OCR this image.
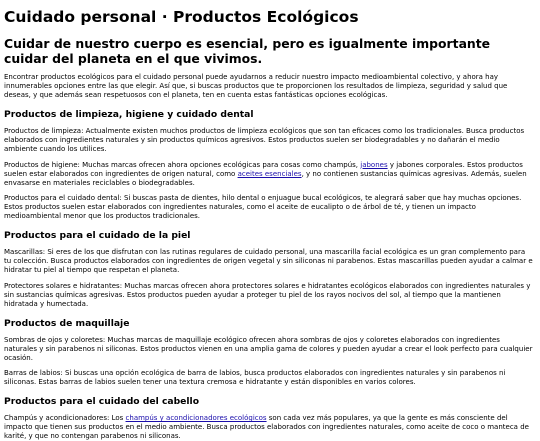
Cuidado personal · Productos Ecológicos
Cuidar de nuestro cuerpo es esencial, pero es igualmente importante cuidar del planeta en el que vivimos.

Encontrar productos ecológicos para el cuidado personal puede ayudarnos a reducir nuestro impacto medioambiental colectivo, y ahora hay innumerables opciones entre las que elegir. Así que, si buscas productos que te proporcionen los resultados de limpieza, seguridad y salud que deseas, y que además sean respetuosos con el planeta, ten en cuenta estas fantásticas opciones ecológicas.

Productos de limpieza, higiene y cuidado dental

Productos de limpieza: Actualmente existen muchos productos de limpieza ecológicos que son tan eficaces como los tradicionales. Busca productos elaborados con ingredientes naturales y sin productos químicos agresivos. Estos productos suelen ser biodegradables y no dañarán el medio ambiente cuando los utilices.

Productos de higiene: Muchas marcas ofrecen ahora opciones ecológicas para cosas como champús, jabones y jabones corporales. Estos productos suelen estar elaborados con ingredientes de origen natural, como aceites esenciales, y no contienen sustancias químicas agresivas. Además, suelen envasarse en materiales reciclables o biodegradables.

Productos para el cuidado dental: Si buscas pasta de dientes, hilo dental o enjuague bucal ecológicos, te alegrará saber que hay muchas opciones. Estos productos suelen estar elaborados con ingredientes naturales, como el aceite de eucalipto o de árbol de té, y tienen un impacto medioambiental menor que los productos tradicionales.

Productos para el cuidado de la piel

Mascarillas: Si eres de los que disfrutan con las rutinas regulares de cuidado personal, una mascarilla facial ecológica es un gran complemento para tu colección. Busca productos elaborados con ingredientes de origen vegetal y sin siliconas ni parabenos. Estas mascarillas pueden ayudar a calmar e hidratar tu piel al tiempo que respetan el planeta.

Protectores solares e hidratantes: Muchas marcas ofrecen ahora protectores solares e hidratantes ecológicos elaborados con ingredientes naturales y sin sustancias químicas agresivas. Estos productos pueden ayudar a proteger tu piel de los rayos nocivos del sol, al tiempo que la mantienen hidratada y humectada.

Productos de maquillaje

Sombras de ojos y coloretes: Muchas marcas de maquillaje ecológico ofrecen ahora sombras de ojos y coloretes elaborados con ingredientes naturales y sin parabenos ni siliconas. Estos productos vienen en una amplia gama de colores y pueden ayudar a crear el look perfecto para cualquier ocasión.

Barras de labios: Si buscas una opción ecológica de barra de labios, busca productos elaborados con ingredientes naturales y sin parabenos ni siliconas. Estas barras de labios suelen tener una textura cremosa e hidratante y están disponibles en varios colores.

Productos para el cuidado del cabello

Champús y acondicionadores: Los champús y acondicionadores ecológicos son cada vez más populares, ya que la gente es más consciente del impacto que tienen sus productos en el medio ambiente. Busca productos elaborados con ingredientes naturales, como aceite de coco o manteca de karité, y que no contengan parabenos ni siliconas.
